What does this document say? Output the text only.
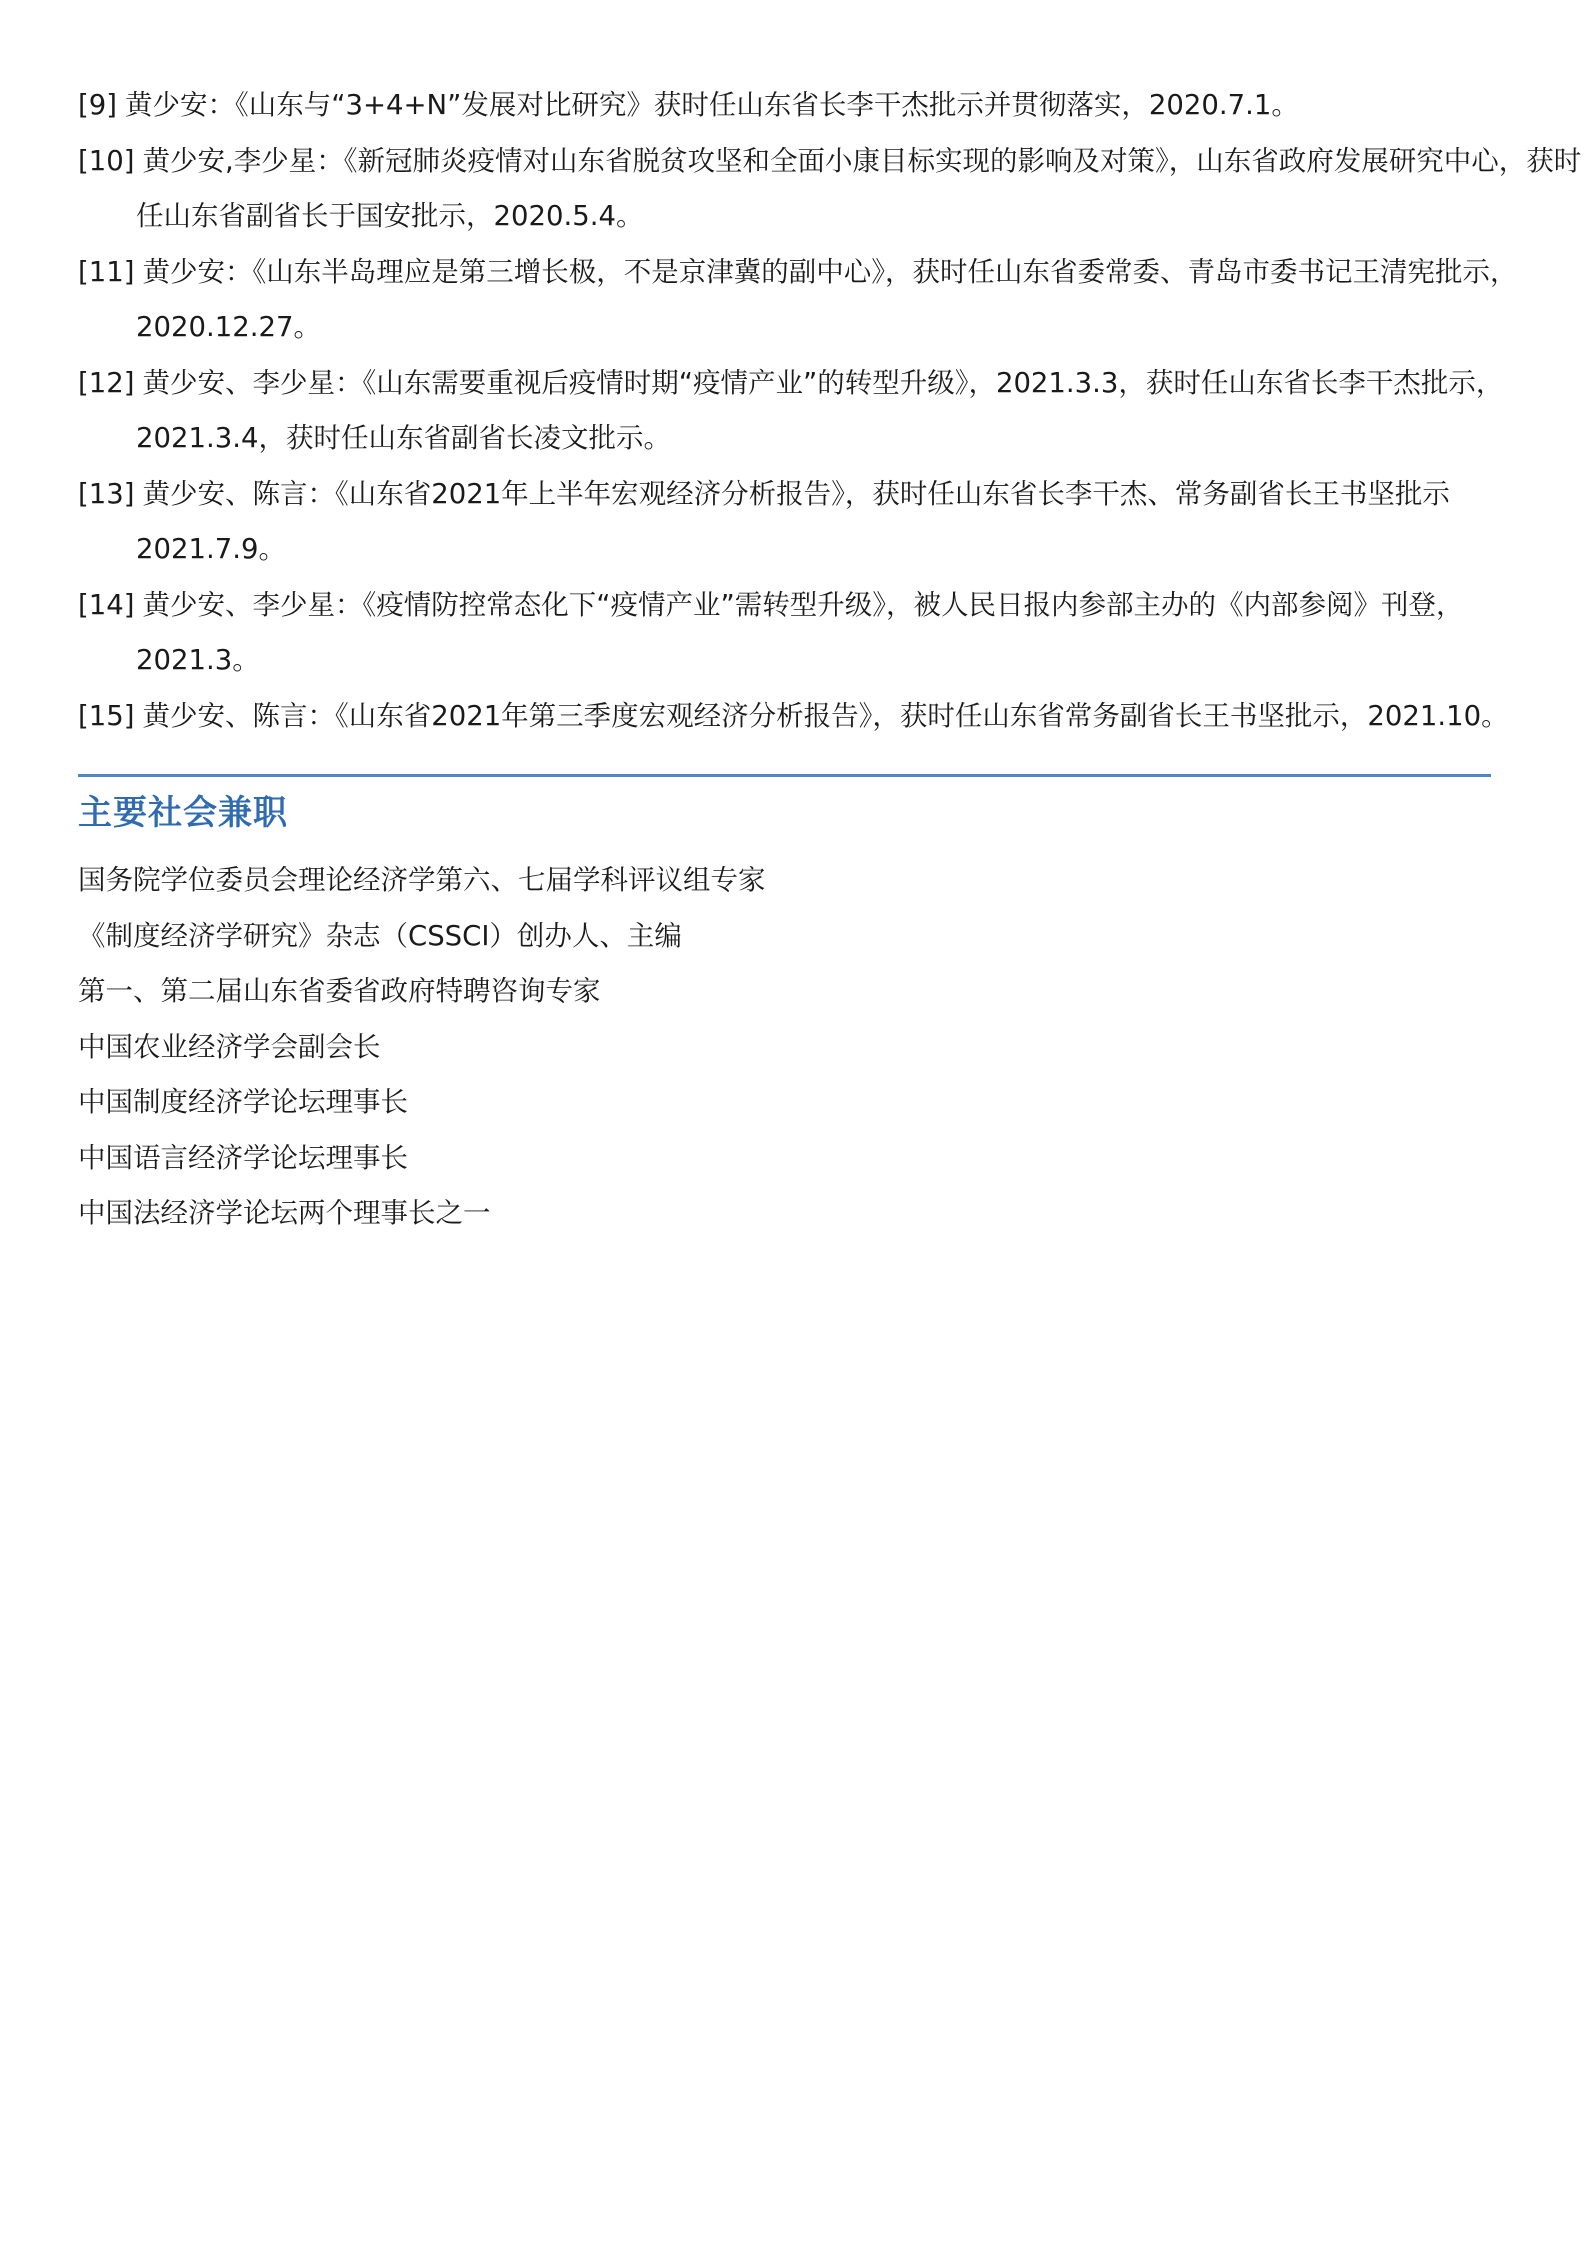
[9] 黄少安：《山东与“3+4+N”发展对比研究》获时任山东省长李干杰批示并贯彻落实，2020.7.1。
[10] 黄少安,李少星：《新冠肺炎疫情对山东省脱贫攻坚和全面小康目标实现的影响及对策》，山东省政府发展研究中心，获时任山东省副省长于国安批示，2020.5.4。
[11] 黄少安：《山东半岛理应是第三增长极，不是京津冀的副中心》，获时任山东省委常委、青岛市委书记王清宪批示，2020.12.27。
[12] 黄少安、李少星：《山东需要重视后疫情时期“疫情产业”的转型升级》，2021.3.3，获时任山东省长李干杰批示，2021.3.4，获时任山东省副省长凌文批示。
[13] 黄少安、陈言：《山东省2021年上半年宏观经济分析报告》，获时任山东省长李干杰、常务副省长王书坚批示2021.7.9。
[14] 黄少安、李少星：《疫情防控常态化下“疫情产业”需转型升级》，被人民日报内参部主办的《内部参阅》刊登，2021.3。
[15] 黄少安、陈言：《山东省2021年第三季度宏观经济分析报告》，获时任山东省常务副省长王书坚批示，2021.10。
主要社会兼职
国务院学位委员会理论经济学第六、七届学科评议组专家
《制度经济学研究》杂志（CSSCI）创办人、主编
第一、第二届山东省委省政府特聘咨询专家
中国农业经济学会副会长
中国制度经济学论坛理事长
中国语言经济学论坛理事长
中国法经济学论坛两个理事长之一
